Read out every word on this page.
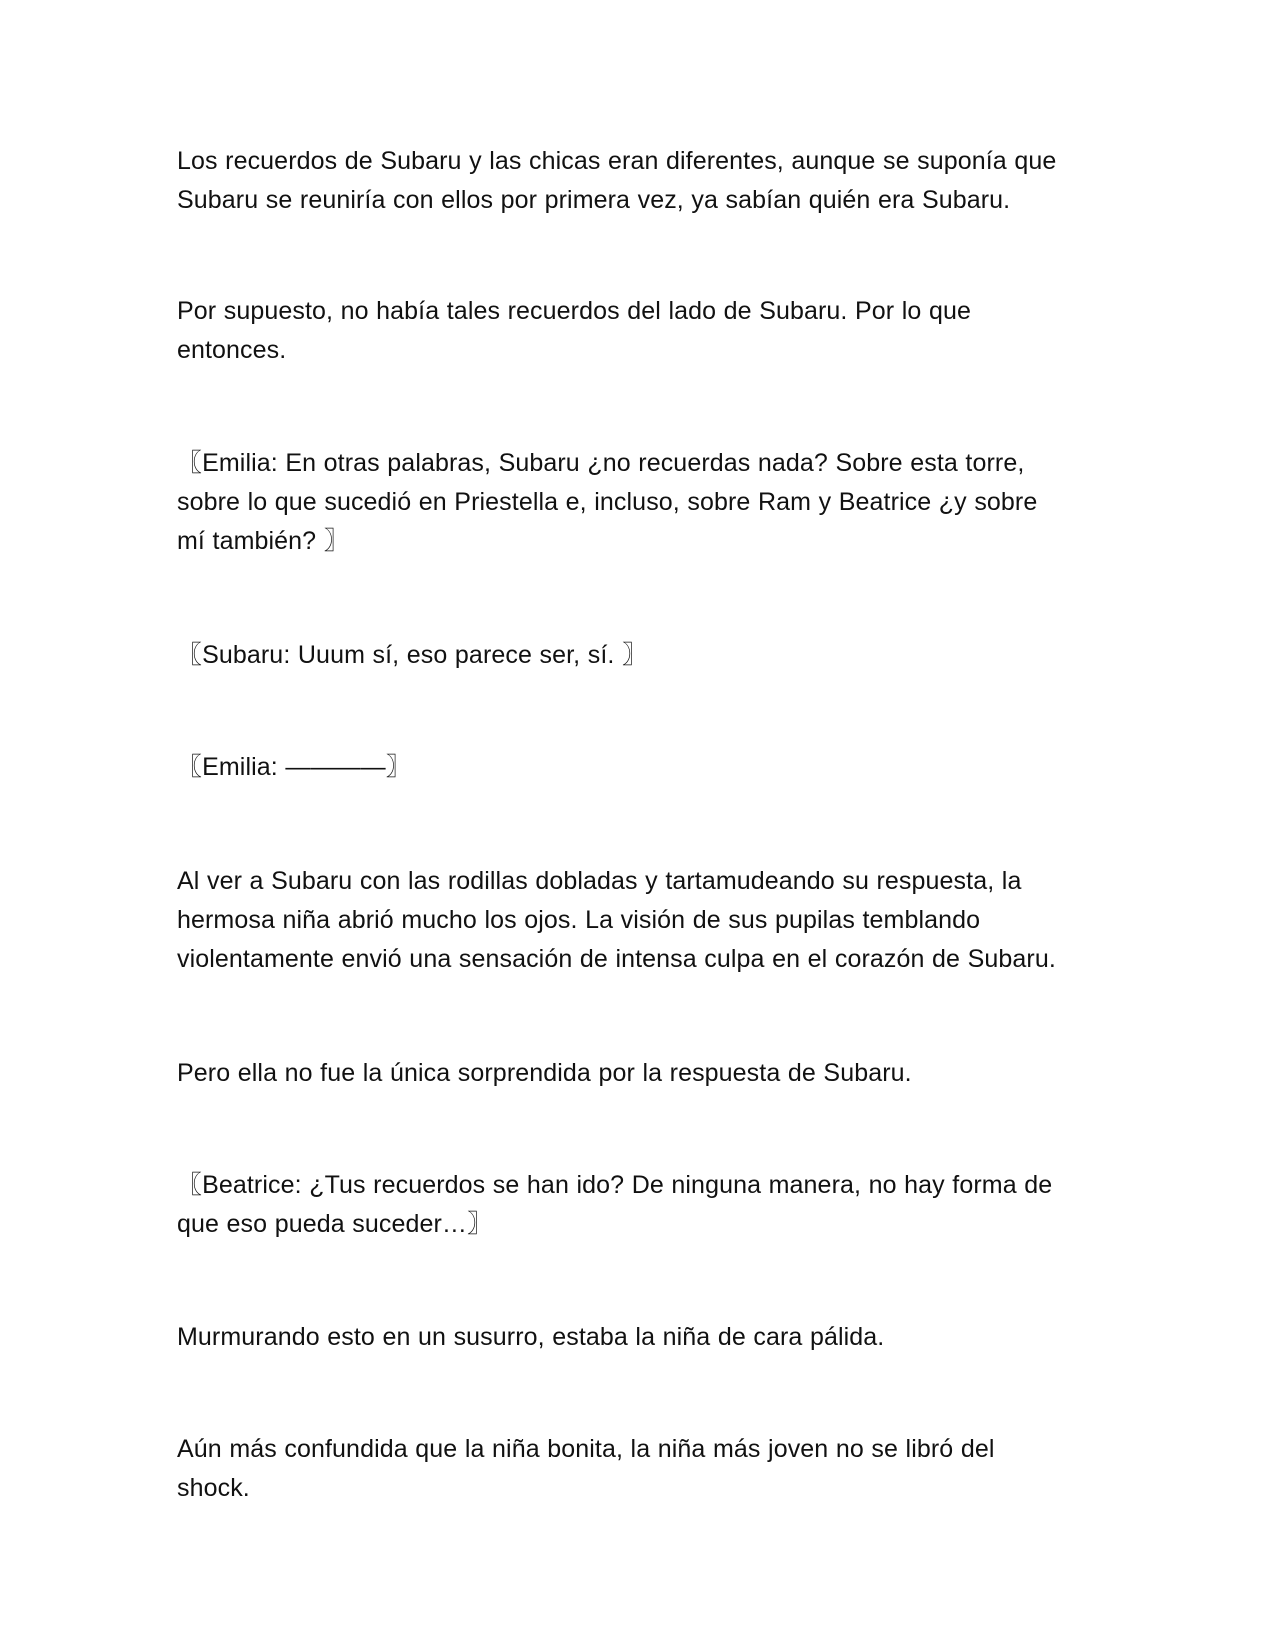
Los recuerdos de Subaru y las chicas eran diferentes, aunque se suponía que
Subaru se reuniría con ellos por primera vez, ya sabían quién era Subaru.

Por supuesto, no había tales recuerdos del lado de Subaru. Por lo que
entonces.

〖Emilia: En otras palabras, Subaru ¿no recuerdas nada? Sobre esta torre,
sobre lo que sucedió en Priestella e, incluso, sobre Ram y Beatrice ¿y sobre
mí también? 〗

〖Subaru: Uuum sí, eso parece ser, sí. 〗

〖Emilia: ————〗

Al ver a Subaru con las rodillas dobladas y tartamudeando su respuesta, la
hermosa niña abrió mucho los ojos. La visión de sus pupilas temblando
violentamente envió una sensación de intensa culpa en el corazón de Subaru.

Pero ella no fue la única sorprendida por la respuesta de Subaru.

〖Beatrice: ¿Tus recuerdos se han ido? De ninguna manera, no hay forma de
que eso pueda suceder…〗

Murmurando esto en un susurro, estaba la niña de cara pálida.

Aún más confundida que la niña bonita, la niña más joven no se libró del
shock.
